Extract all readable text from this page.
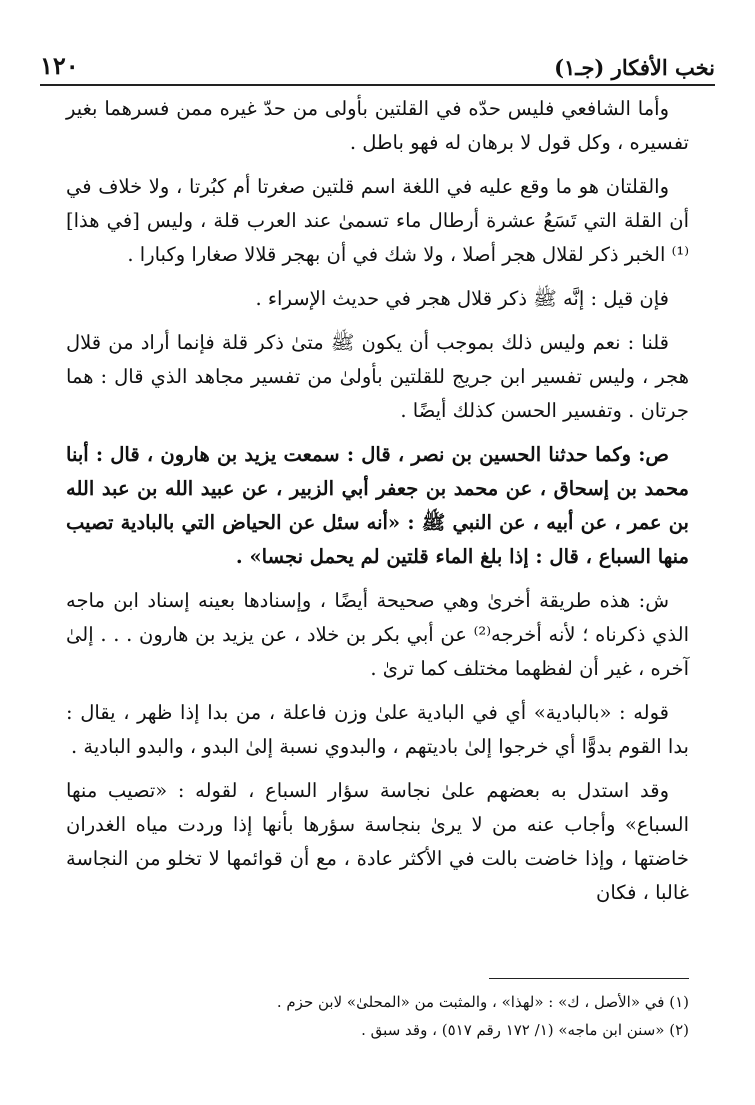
١٢٠	نخب الأفكار (جـ١)

وأما الشافعي فليس حدّه في القلتين بأولى من حدّ غيره ممن فسرهما بغير تفسيره ، وكل قول لا برهان له فهو باطل .

والقلتان هو ما وقع عليه في اللغة اسم قلتين صغرتا أم كبُرتا ، ولا خلاف في أن القلة التي تَسَعُ عشرة أرطال ماء تسمىٰ عند العرب قلة ، وليس [في هذا]⁽¹⁾ الخبر ذكر لقلال هجر أصلا ، ولا شك في أن بهجر قلالا صغارا وكبارا .

فإن قيل : إنَّه ﷺ ذكر قلال هجر في حديث الإسراء .

قلنا : نعم وليس ذلك بموجب أن يكون ﷺ متىٰ ذكر قلة فإنما أراد من قلال هجر ، وليس تفسير ابن جريج للقلتين بأولىٰ من تفسير مجاهد الذي قال : هما جرتان . وتفسير الحسن كذلك أيضًا .

ص: وكما حدثنا الحسين بن نصر ، قال : سمعت يزيد بن هارون ، قال : أبنا محمد بن إسحاق ، عن محمد بن جعفر أبي الزبير ، عن عبيد الله بن عبد الله بن عمر ، عن أبيه ، عن النبي ﷺ : «أنه سئل عن الحياض التي بالبادية تصيب منها السباع ، قال : إذا بلغ الماء قلتين لم يحمل نجسا» .

ش: هذه طريقة أخرىٰ وهي صحيحة أيضًا ، وإسنادها بعينه إسناد ابن ماجه الذي ذكرناه ؛ لأنه أخرجه⁽²⁾ عن أبي بكر بن خلاد ، عن يزيد بن هارون . . . إلىٰ آخره ، غير أن لفظهما مختلف كما ترىٰ .

قوله : «بالبادية» أي في البادية علىٰ وزن فاعلة ، من بدا إذا ظهر ، يقال : بدا القوم بدوًّا أي خرجوا إلىٰ باديتهم ، والبدوي نسبة إلىٰ البدو ، والبدو البادية .

وقد استدل به بعضهم علىٰ نجاسة سؤار السباع ، لقوله : «تصيب منها السباع» وأجاب عنه من لا يرىٰ بنجاسة سؤرها بأنها إذا وردت مياه الغدران خاضتها ، وإذا خاضت بالت في الأكثر عادة ، مع أن قوائمها لا تخلو من النجاسة غالبا ، فكان

(١) في «الأصل ، ك» : «لهذا» ، والمثبت من «المحلىٰ» لابن حزم .

(٢) «سنن ابن ماجه» (١/ ١٧٢ رقم ٥١٧) ، وقد سبق .
